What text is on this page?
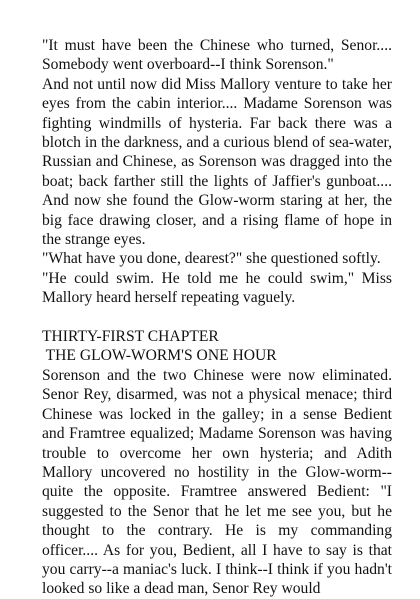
"It must have been the Chinese who turned, Senor.... Somebody went overboard--I think Sorenson."

And not until now did Miss Mallory venture to take her eyes from the cabin interior.... Madame Sorenson was fighting windmills of hysteria. Far back there was a blotch in the darkness, and a curious blend of sea-water, Russian and Chinese, as Sorenson was dragged into the boat; back farther still the lights of Jaffier's gunboat.... And now she found the Glow-worm staring at her, the big face drawing closer, and a rising flame of hope in the strange eyes.

"What have you done, dearest?" she questioned softly.

"He could swim. He told me he could swim," Miss Mallory heard herself repeating vaguely.

THIRTY-FIRST CHAPTER

THE GLOW-WORM'S ONE HOUR

Sorenson and the two Chinese were now eliminated. Senor Rey, disarmed, was not a physical menace; third Chinese was locked in the galley; in a sense Bedient and Framtree equalized; Madame Sorenson was having trouble to overcome her own hysteria; and Adith Mallory uncovered no hostility in the Glow-worm--quite the opposite. Framtree answered Bedient: "I suggested to the Senor that he let me see you, but he thought to the contrary. He is my commanding officer.... As for you, Bedient, all I have to say is that you carry--a maniac's luck. I think--I think if you hadn't looked so like a dead man, Senor Rey would
